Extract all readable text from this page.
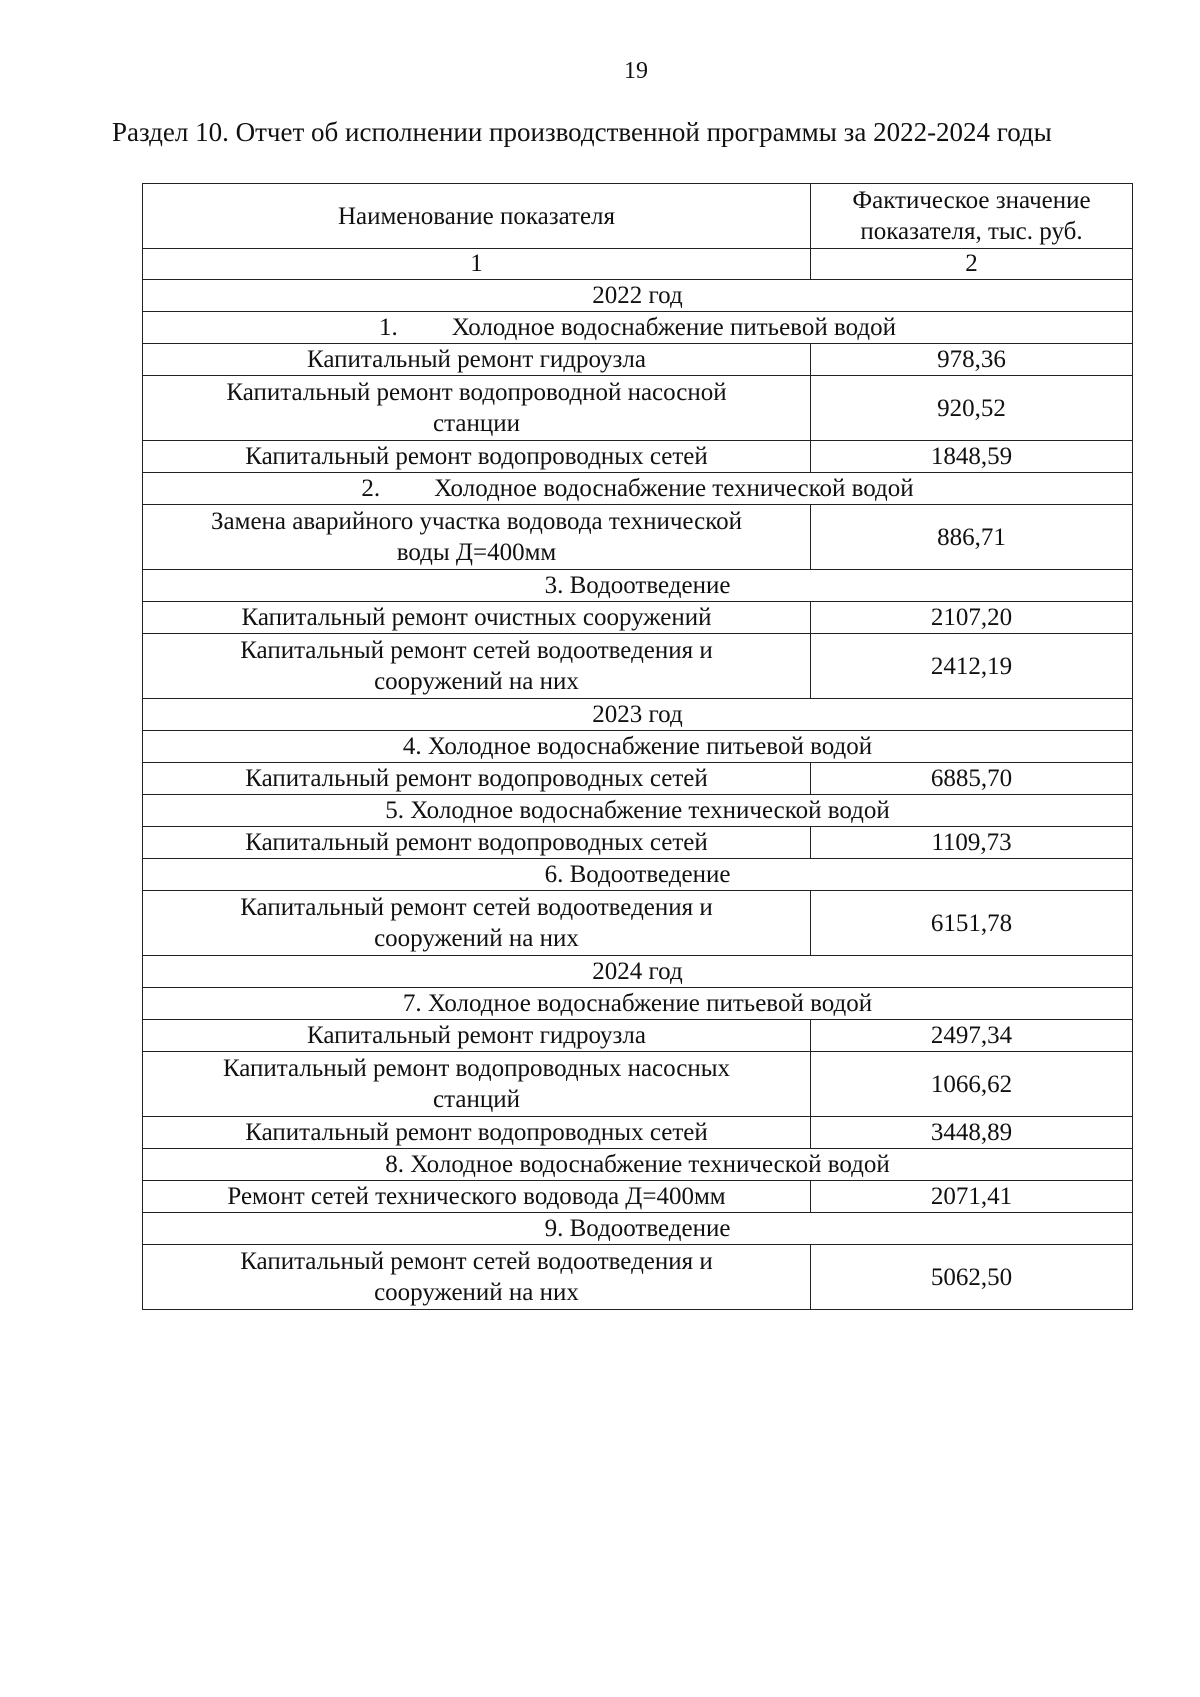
19
Раздел 10. Отчет об исполнении производственной программы за 2022-2024 годы
Наименование показателя	Фактическое значение
показателя, тыс. руб.
1	2
2022 год	
1. Холодное водоснабжение питьевой водой	
Капитальный ремонт гидроузла	978,36
Капитальный ремонт водопроводной насосной
станции	920,52
Капитальный ремонт водопроводных сетей	1848,59
2. Холодное водоснабжение технической водой	
Замена аварийного участка водовода технической
воды Д=400мм	886,71
3. Водоотведение	
Капитальный ремонт очистных сооружений	2107,20
Капитальный ремонт сетей водоотведения и
сооружений на них	2412,19
2023 год	
4. Холодное водоснабжение питьевой водой	
Капитальный ремонт водопроводных сетей	6885,70
5. Холодное водоснабжение технической водой	
Капитальный ремонт водопроводных сетей	1109,73
6. Водоотведение	
Капитальный ремонт сетей водоотведения и
сооружений на них	6151,78
2024 год	
7. Холодное водоснабжение питьевой водой	
Капитальный ремонт гидроузла	2497,34
Капитальный ремонт водопроводных насосных
станций	1066,62
Капитальный ремонт водопроводных сетей	3448,89
8. Холодное водоснабжение технической водой	
Ремонт сетей технического водовода Д=400мм	2071,41
9. Водоотведение	
Капитальный ремонт сетей водоотведения и
сооружений на них	5062,50
